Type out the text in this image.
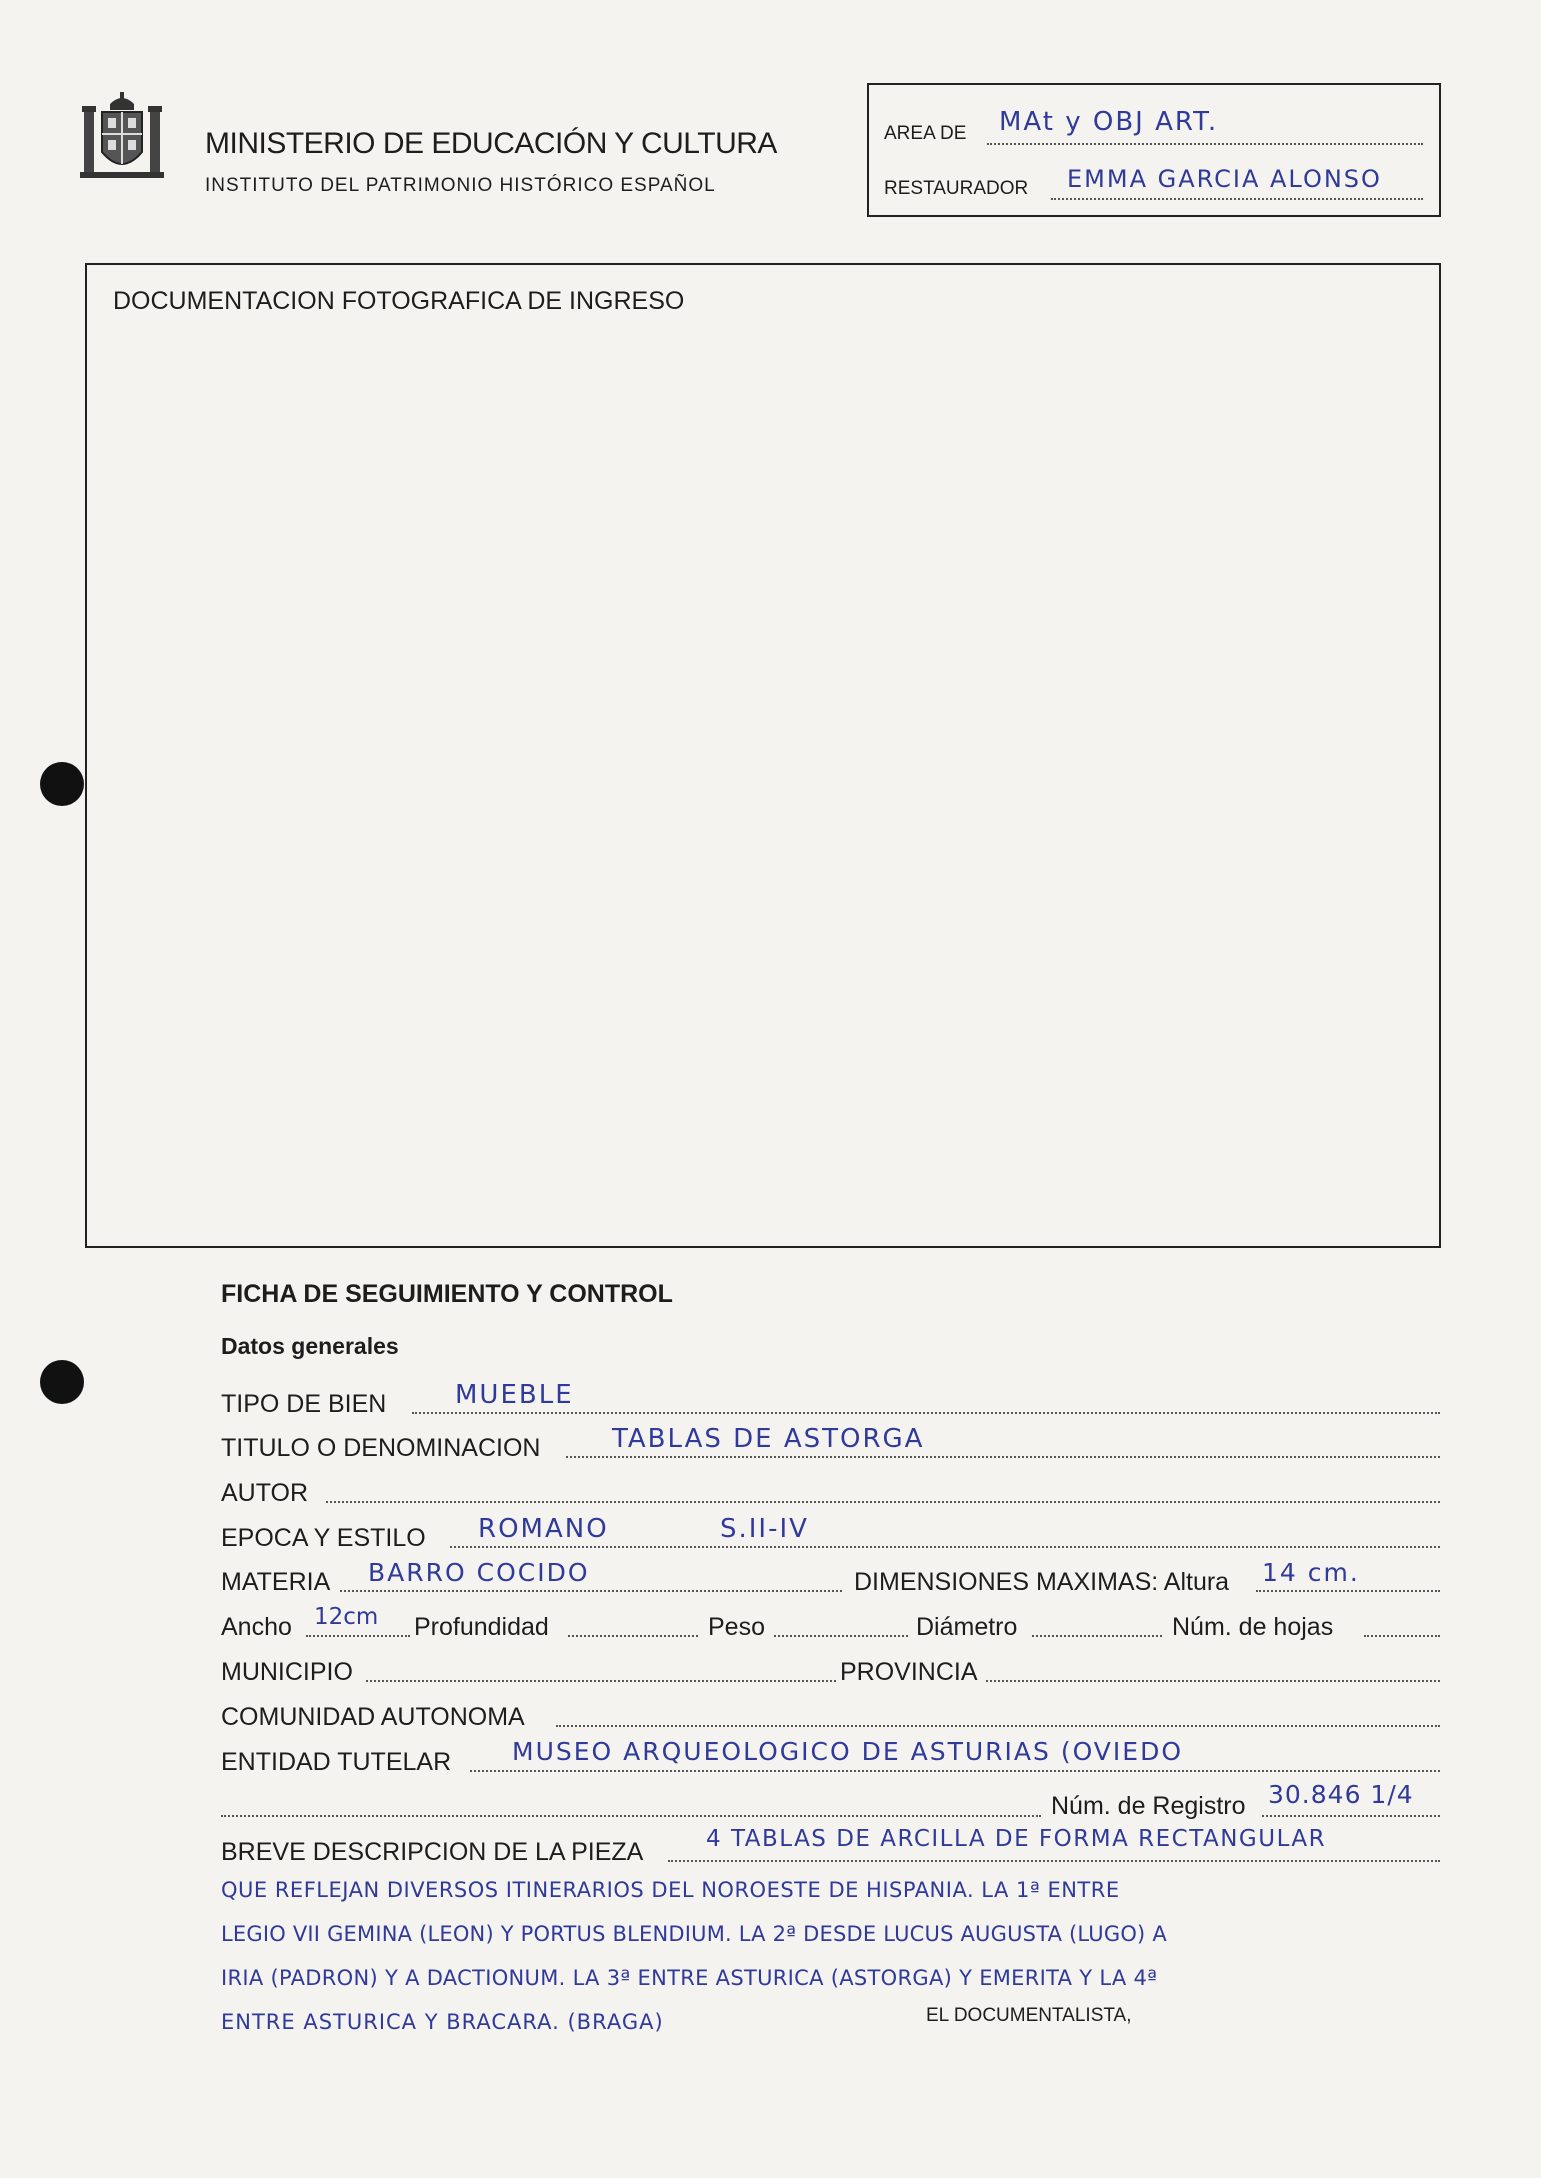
MINISTERIO DE EDUCACIÓN Y CULTURA
INSTITUTO DEL PATRIMONIO HISTÓRICO ESPAÑOL
AREA DE MAt y OBJ ART.
RESTAURADOR EMMA GARCIA ALONSO
DOCUMENTACION FOTOGRAFICA DE INGRESO
FICHA DE SEGUIMIENTO Y CONTROL
Datos generales
TIPO DE BIEN	MUEBLE
TITULO O DENOMINACION	TABLAS DE ASTORGA
AUTOR
EPOCA Y ESTILO ROMANO	S.II-IV
MATERIA BARRO COCIDO	DIMENSIONES MAXIMAS: Altura 14 cm.
Ancho 12cm Profundidad	Peso	Diámetro	Núm. de hojas
MUNICIPIO	PROVINCIA
COMUNIDAD AUTONOMA
ENTIDAD TUTELAR MUSEO ARQUEOLOGICO DE ASTURIAS (OVIEDO
Núm. de Registro 30.846 1/4
BREVE DESCRIPCION DE LA PIEZA	4 TABLAS DE ARCILLA DE FORMA RECTANGULAR
QUE REFLEJAN DIVERSOS ITINERARIOS DEL NOROESTE DE HISPANIA. LA 1ª ENTRE
LEGIO VII GEMINA (LEON) Y PORTUS BLENDIUM. LA 2ª DESDE LUCUS AUGUSTA (LUGO) A
IRIA (PADRON) Y A DACTIONUM. LA 3ª ENTRE ASTURICA (ASTORGA) Y EMERITA Y LA 4ª
ENTRE ASTURICA Y BRACARA. (BRAGA)	EL DOCUMENTALISTA,
